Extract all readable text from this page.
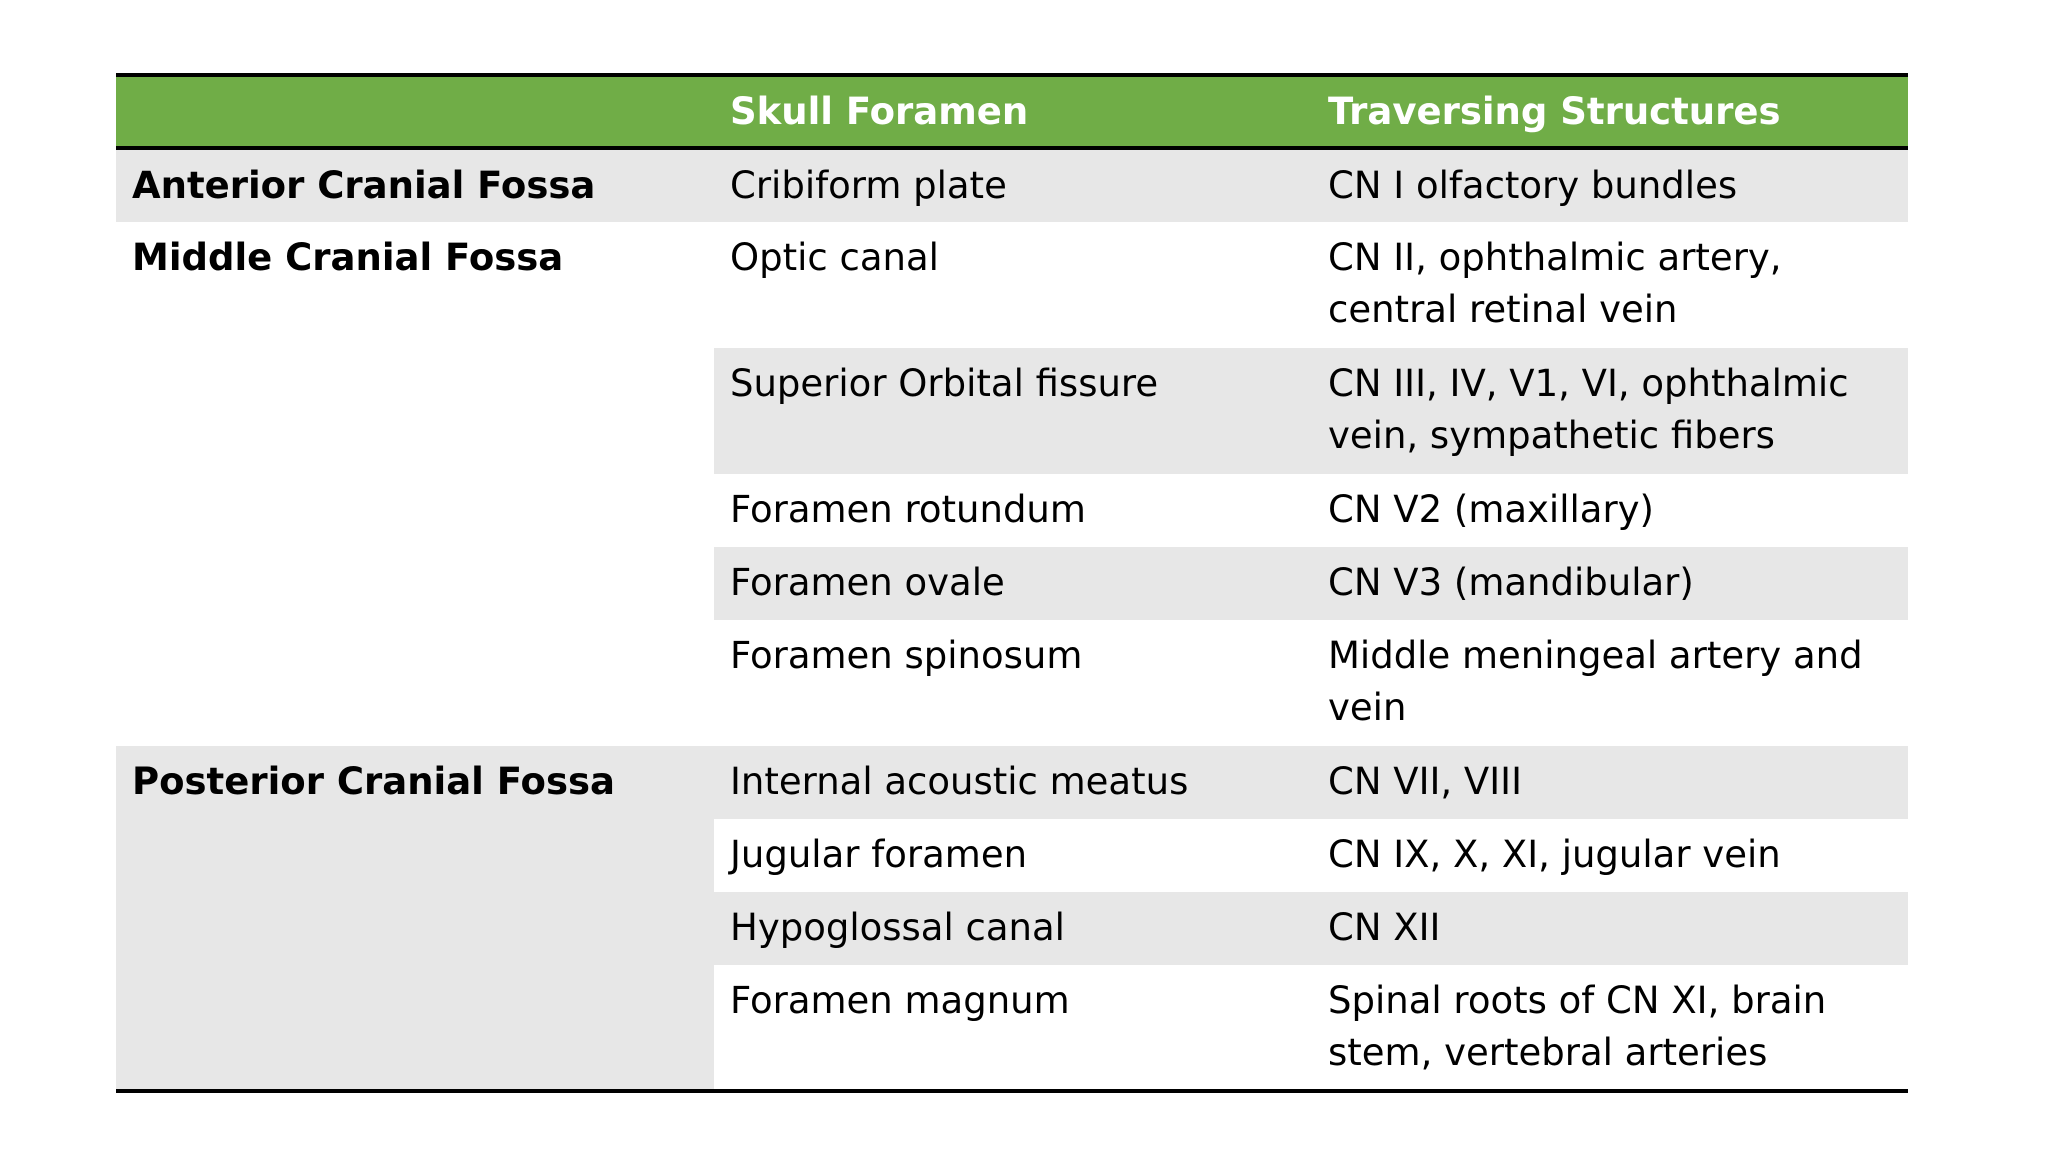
	Skull Foramen	Traversing Structures
Anterior Cranial Fossa	Cribiform plate	CN I olfactory bundles
Middle Cranial Fossa	Optic canal	CN II, ophthalmic artery, central retinal vein
	Superior Orbital fissure	CN III, IV, V1, VI, ophthalmic vein, sympathetic fibers
	Foramen rotundum	CN V2 (maxillary)
	Foramen ovale	CN V3 (mandibular)
	Foramen spinosum	Middle meningeal artery and vein
Posterior Cranial Fossa	Internal acoustic meatus	CN VII, VIII
	Jugular foramen	CN IX, X, XI, jugular vein
	Hypoglossal canal	CN XII
	Foramen magnum	Spinal roots of CN XI, brain stem, vertebral arteries
